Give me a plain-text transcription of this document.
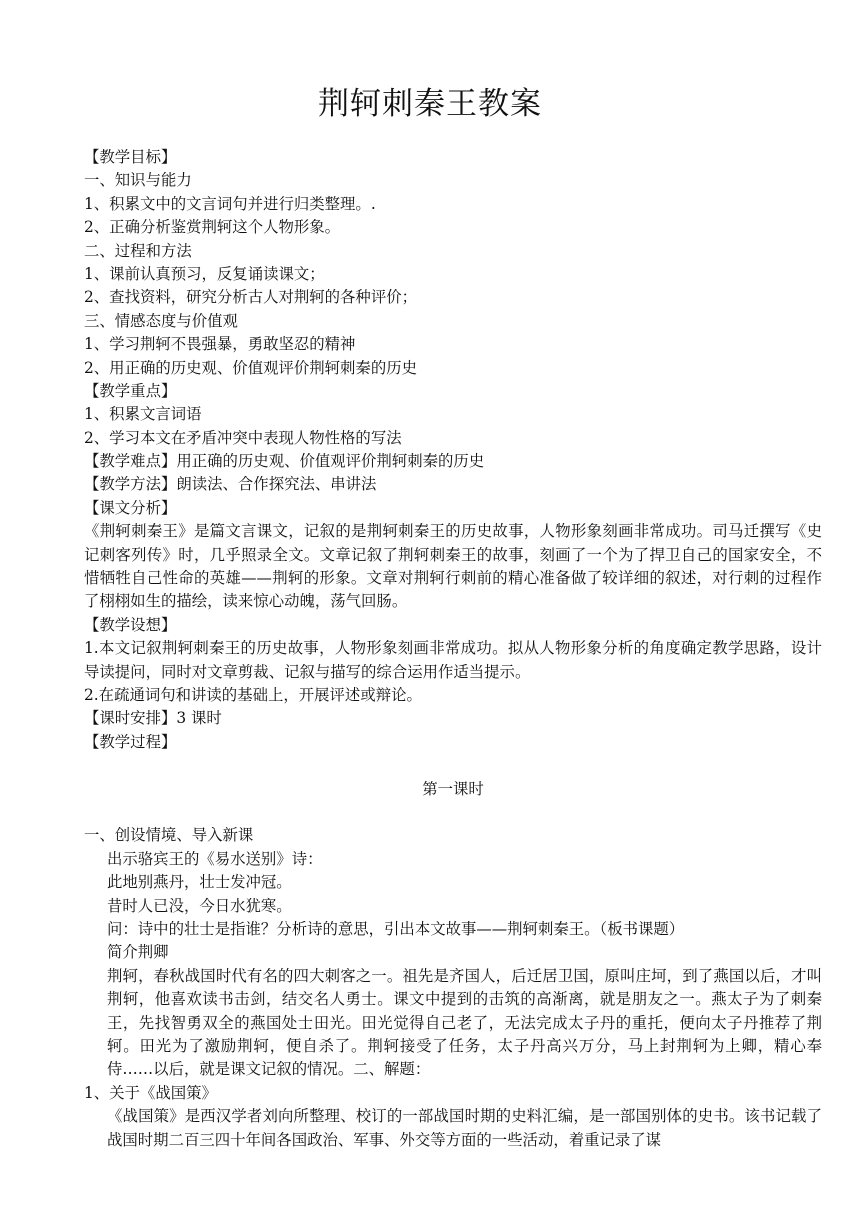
荆轲刺秦王教案
【教学目标】
一、知识与能力
1、积累文中的文言词句并进行归类整理。.
2、正确分析鉴赏荆轲这个人物形象。
二、过程和方法
1、课前认真预习，反复诵读课文；
2、查找资料，研究分析古人对荆轲的各种评价；
三、情感态度与价值观
1、学习荆轲不畏强暴，勇敢坚忍的精神
2、用正确的历史观、价值观评价荆轲刺秦的历史
【教学重点】
1、积累文言词语
2、学习本文在矛盾冲突中表现人物性格的写法
【教学难点】用正确的历史观、价值观评价荆轲刺秦的历史
【教学方法】朗读法、合作探究法、串讲法
【课文分析】
《荆轲刺秦王》是篇文言课文，记叙的是荆轲刺秦王的历史故事，人物形象刻画非常成功。司马迁撰写《史记刺客列传》时，几乎照录全文。文章记叙了荆轲刺秦王的故事，刻画了一个为了捍卫自己的国家安全，不惜牺牲自己性命的英雄——荆轲的形象。文章对荆轲行刺前的精心准备做了较详细的叙述，对行刺的过程作了栩栩如生的描绘，读来惊心动魄，荡气回肠。
【教学设想】
1.本文记叙荆轲刺秦王的历史故事，人物形象刻画非常成功。拟从人物形象分析的角度确定教学思路，设计导读提问，同时对文章剪裁、记叙与描写的综合运用作适当提示。
2.在疏通词句和讲读的基础上，开展评述或辩论。
【课时安排】3 课时
【教学过程】
第一课时
一、创设情境、导入新课
出示骆宾王的《易水送别》诗：
此地别燕丹，壮士发冲冠。
昔时人已没，今日水犹寒。
问：诗中的壮士是指谁？分析诗的意思，引出本文故事——荆轲刺秦王。（板书课题）
简介荆卿
荆轲，春秋战国时代有名的四大刺客之一。祖先是齐国人，后迁居卫国，原叫庄坷，到了燕国以后，才叫荆轲，他喜欢读书击剑，结交名人勇士。课文中提到的击筑的高渐离，就是朋友之一。燕太子为了刺秦王，先找智勇双全的燕国处士田光。田光觉得自己老了，无法完成太子丹的重托，便向太子丹推荐了荆轲。田光为了激励荆轲，便自杀了。荆轲接受了任务，太子丹高兴万分，马上封荆轲为上卿，精心奉侍……以后，就是课文记叙的情况。二、解题：
1、关于《战国策》
《战国策》是西汉学者刘向所整理、校订的一部战国时期的史料汇编，是一部国别体的史书。该书记载了战国时期二百三四十年间各国政治、军事、外交等方面的一些活动，着重记录了谋
